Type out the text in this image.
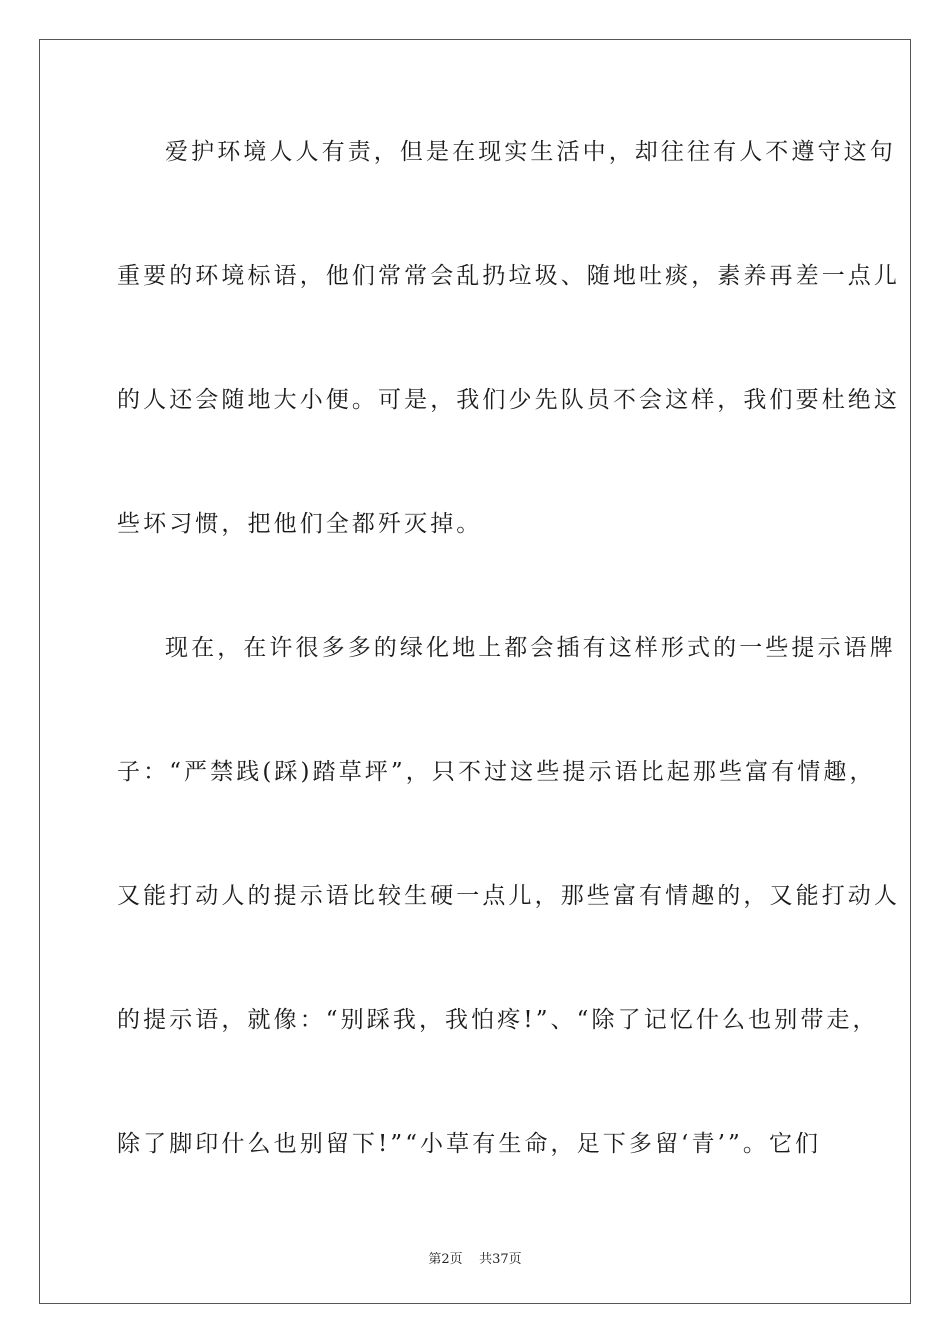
爱护环境人人有责，但是在现实生活中，却往往有人不遵守这句
重要的环境标语，他们常常会乱扔垃圾、随地吐痰，素养再差一点儿
的人还会随地大小便。可是，我们少先队员不会这样，我们要杜绝这
些坏习惯，把他们全都歼灭掉。
现在，在许很多多的绿化地上都会插有这样形式的一些提示语牌
子：“严禁践(踩)踏草坪”，只不过这些提示语比起那些富有情趣，
又能打动人的提示语比较生硬一点儿，那些富有情趣的，又能打动人
的提示语，就像：“别踩我，我怕疼!”、“除了记忆什么也别带走，
除了脚印什么也别留下!”“小草有生命，足下多留‘青’”。它们
第2页 共37页
